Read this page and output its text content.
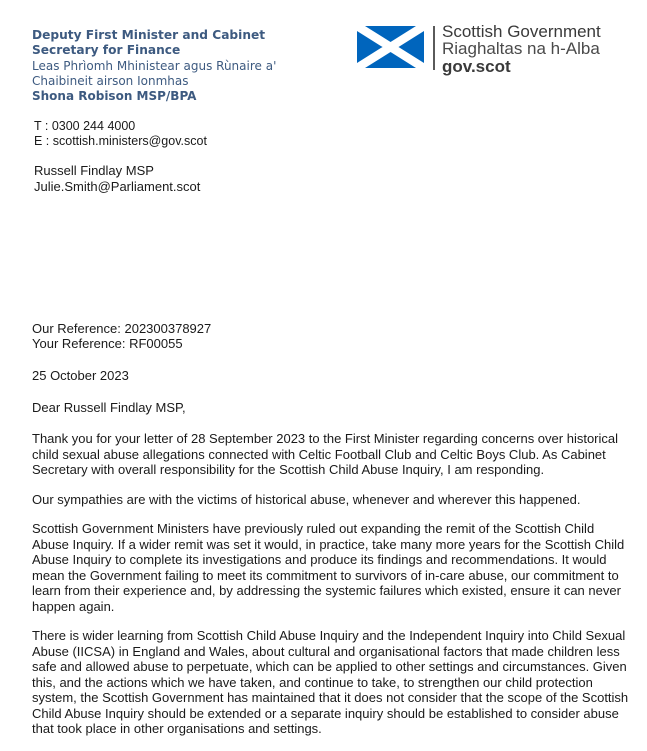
Deputy First Minister and Cabinet Secretary for Finance
Leas Phrìomh Mhinistear agus Rùnaire a' Chaibineit airson Ionmhas
Shona Robison MSP/BPA
Scottish Government
Riaghaltas na h-Alba
gov.scot
T : 0300 244 4000
E : scottish.ministers@gov.scot
Russell Findlay MSP
Julie.Smith@Parliament.scot
Our Reference: 202300378927
Your Reference: RF00055
25 October 2023
Dear Russell Findlay MSP,

Thank you for your letter of 28 September 2023 to the First Minister regarding concerns over historical child sexual abuse allegations connected with Celtic Football Club and Celtic Boys Club. As Cabinet Secretary with overall responsibility for the Scottish Child Abuse Inquiry, I am responding.

Our sympathies are with the victims of historical abuse, whenever and wherever this happened.

Scottish Government Ministers have previously ruled out expanding the remit of the Scottish Child Abuse Inquiry. If a wider remit was set it would, in practice, take many more years for the Scottish Child Abuse Inquiry to complete its investigations and produce its findings and recommendations. It would mean the Government failing to meet its commitment to survivors of in-care abuse, our commitment to learn from their experience and, by addressing the systemic failures which existed, ensure it can never happen again.

There is wider learning from Scottish Child Abuse Inquiry and the Independent Inquiry into Child Sexual Abuse (IICSA) in England and Wales, about cultural and organisational factors that made children less safe and allowed abuse to perpetuate, which can be applied to other settings and circumstances. Given this, and the actions which we have taken, and continue to take, to strengthen our child protection system, the Scottish Government has maintained that it does not consider that the scope of the Scottish Child Abuse Inquiry should be extended or a separate inquiry should be established to consider abuse that took place in other organisations and settings.
